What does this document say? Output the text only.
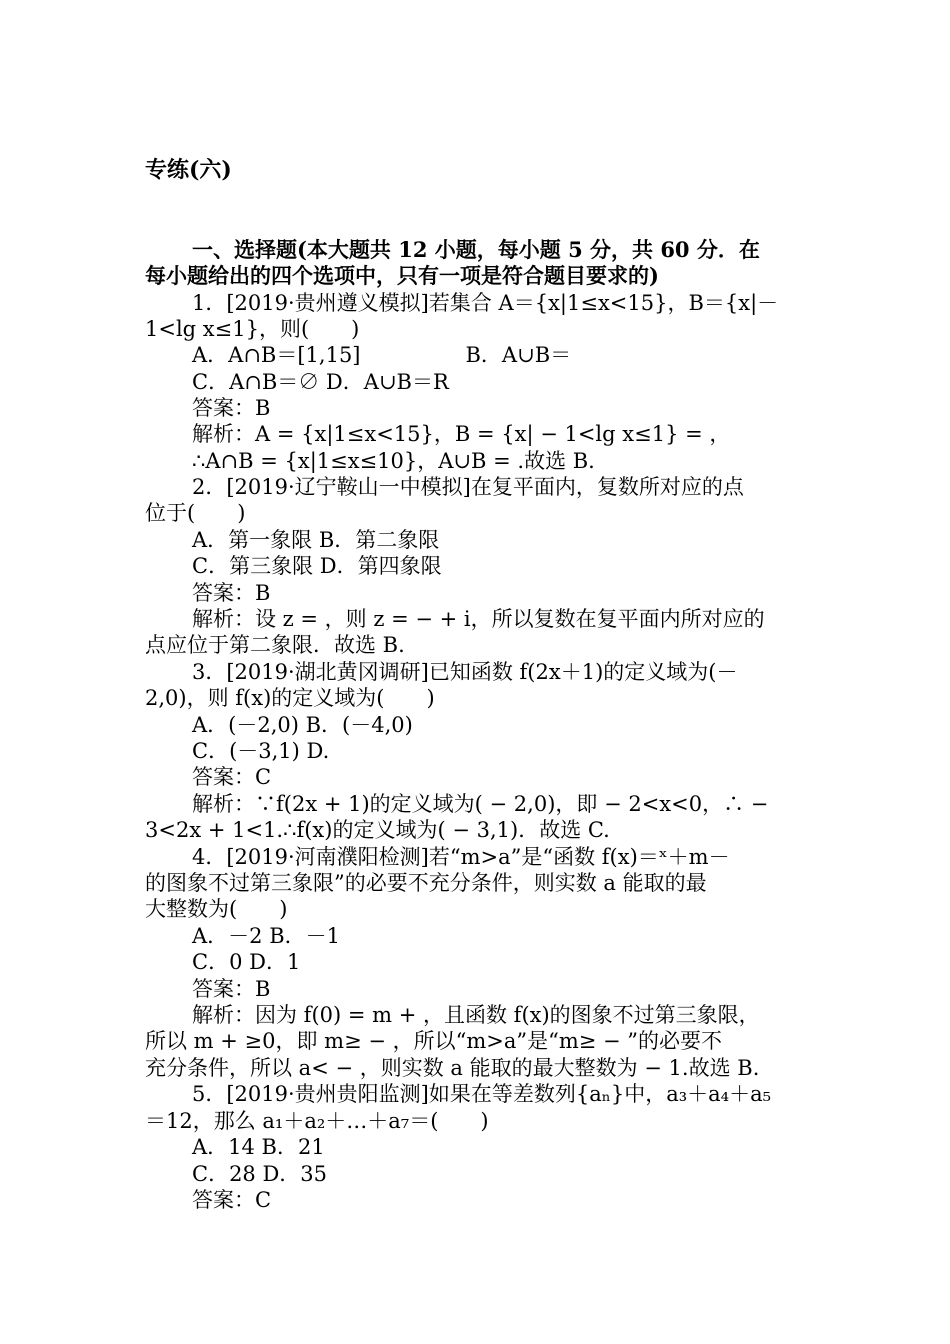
专练(六)
一、选择题(本大题共 12 小题，每小题 5 分，共 60 分．在
每小题给出的四个选项中，只有一项是符合题目要求的)
1．[2019·贵州遵义模拟]若集合 A＝{x|1≤x<15}，B＝{x|－
1<lg x≤1}，则(　　)
A．A∩B＝[1,15]　　　　　B．A∪B＝
C．A∩B＝∅ D．A∪B＝R
答案：B
解析：A = {x|1≤x<15}，B = {x| − 1<lg x≤1} = ，
∴A∩B = {x|1≤x≤10}，A∪B = .故选 B.
2．[2019·辽宁鞍山一中模拟]在复平面内，复数所对应的点
位于(　　)
A．第一象限 B．第二象限
C．第三象限 D．第四象限
答案：B
解析：设 z = ，则 z = − + i，所以复数在复平面内所对应的
点应位于第二象限．故选 B.
3．[2019·湖北黄冈调研]已知函数 f(2x＋1)的定义域为(－
2,0)，则 f(x)的定义域为(　　)
A．(－2,0) B．(－4,0)
C．(－3,1) D.
答案：C
解析：∵f(2x + 1)的定义域为( − 2,0)，即 − 2<x<0，∴ −
3<2x + 1<1.∴f(x)的定义域为( − 3,1)．故选 C.
4．[2019·河南濮阳检测]若“m>a”是“函数 f(x)＝ˣ＋m－
的图象不过第三象限”的必要不充分条件，则实数 a 能取的最
大整数为(　　)
A．－2 B．－1
C．0 D．1
答案：B
解析：因为 f(0) = m + ，且函数 f(x)的图象不过第三象限，
所以 m + ≥0，即 m≥ − ，所以“m>a”是“m≥ − ”的必要不
充分条件，所以 a< − ，则实数 a 能取的最大整数为 − 1.故选 B.
5．[2019·贵州贵阳监测]如果在等差数列{aₙ}中，a₃＋a₄＋a₅
＝12，那么 a₁＋a₂＋…＋a₇＝(　　)
A．14 B．21
C．28 D．35
答案：C
